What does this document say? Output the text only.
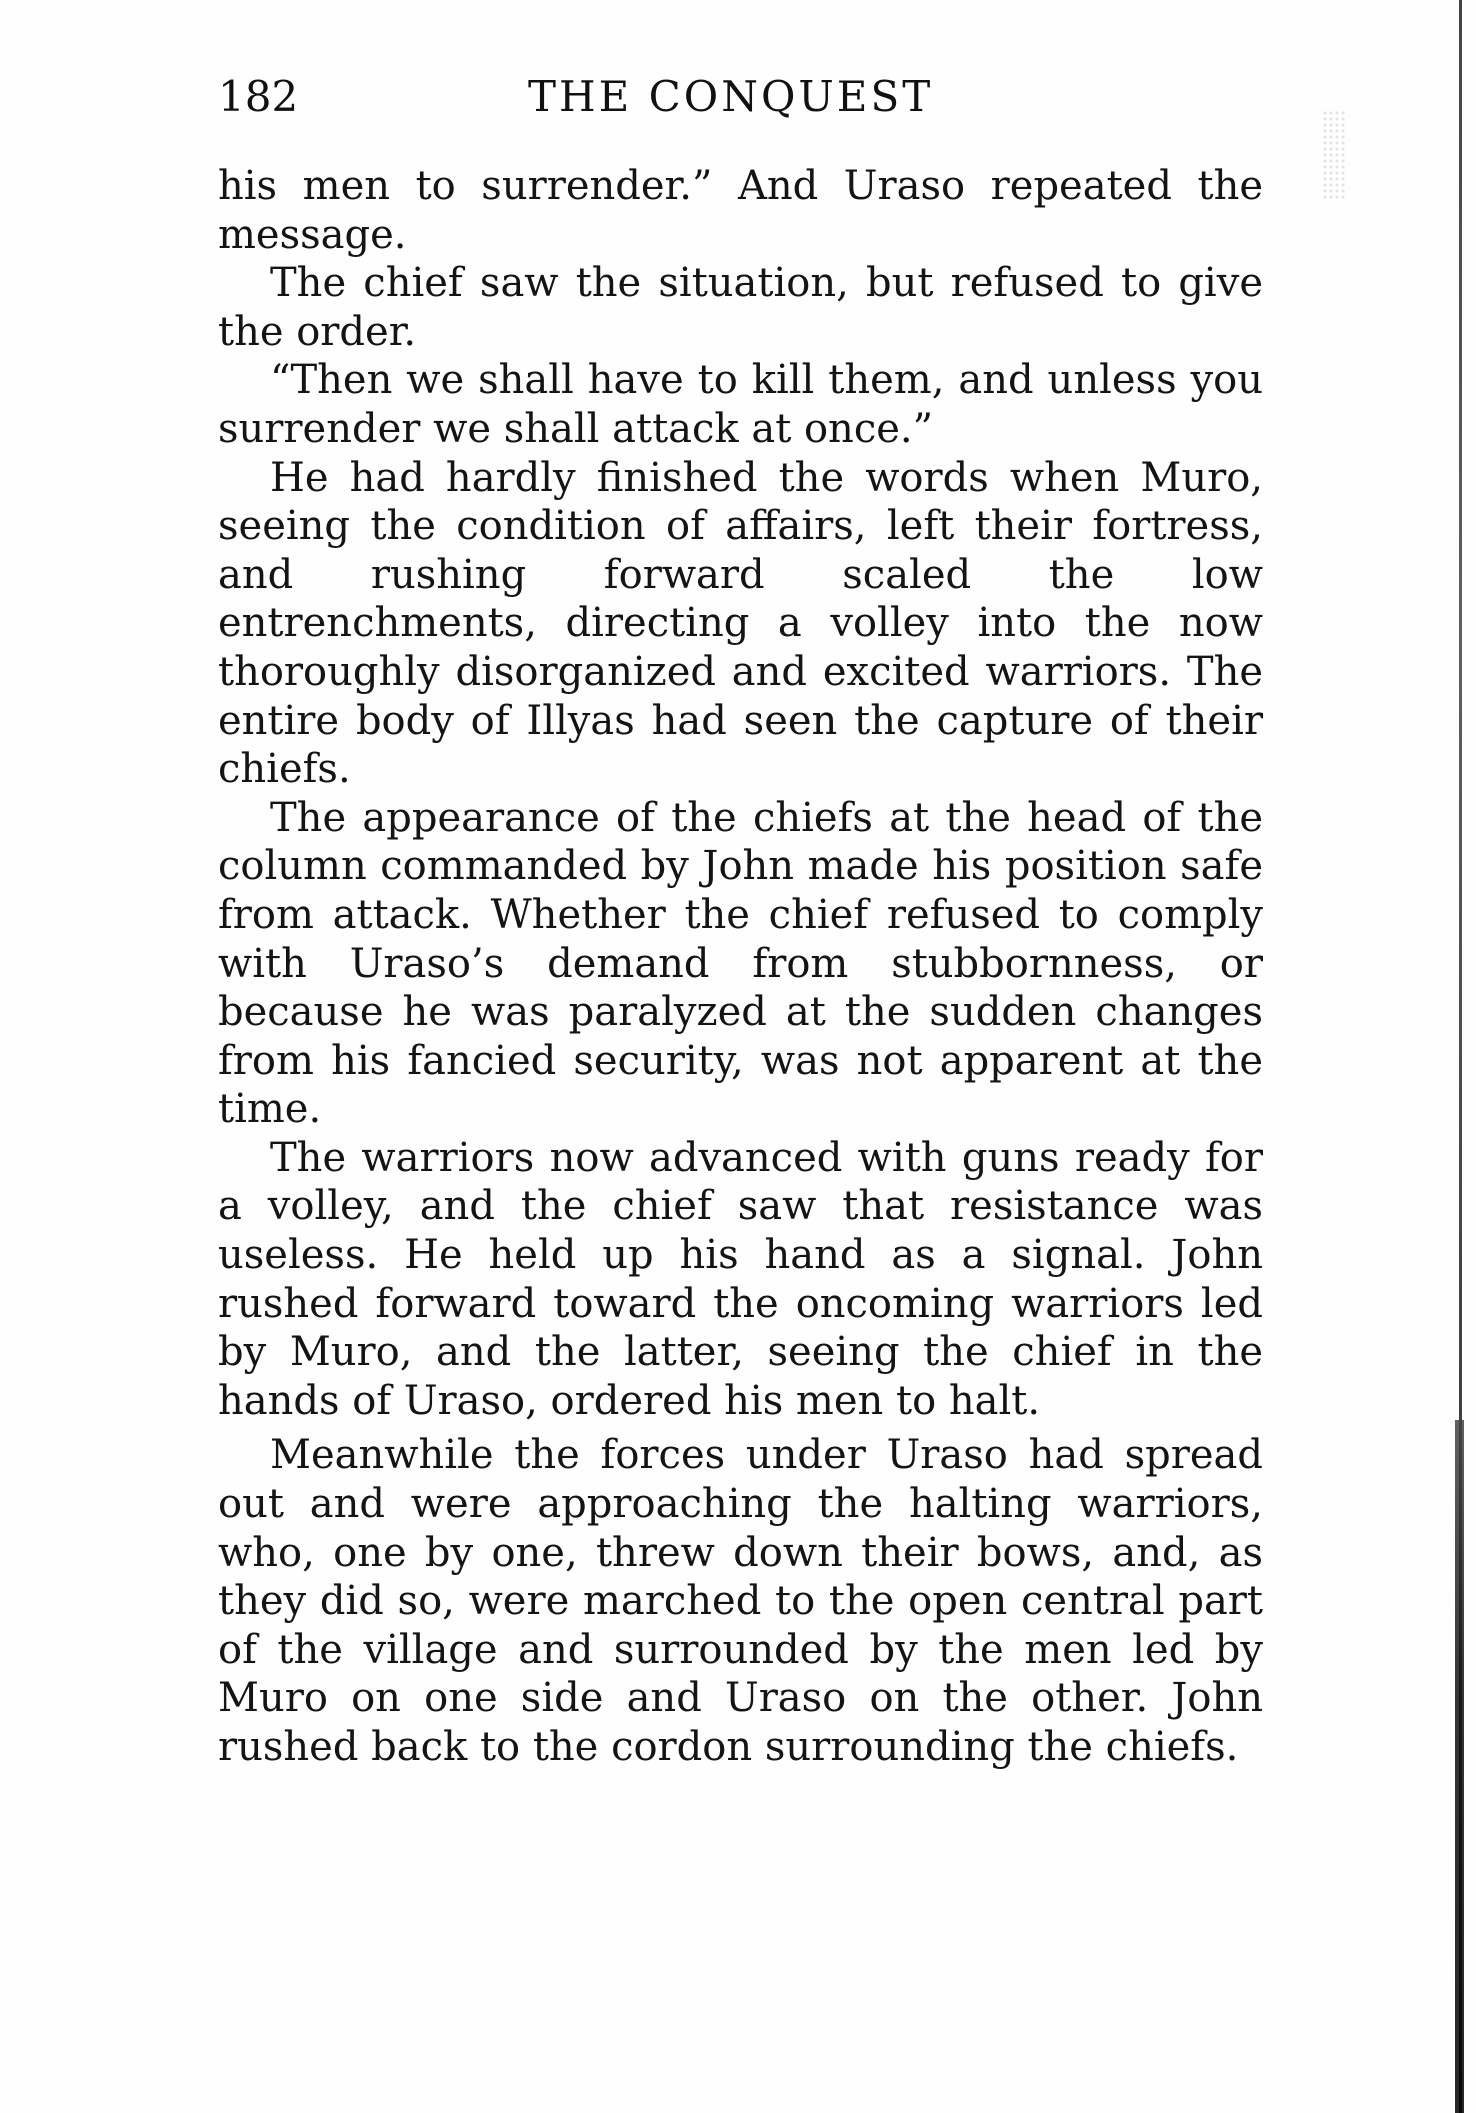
182	THE CONQUEST

his men to surrender.” And Uraso repeated the message.

The chief saw the situation, but refused to give the order.

“Then we shall have to kill them, and unless you surrender we shall attack at once.”

He had hardly finished the words when Muro, seeing the condition of affairs, left their fortress, and rushing forward scaled the low entrenchments, directing a volley into the now thoroughly disorganized and excited warriors. The entire body of Illyas had seen the capture of their chiefs.

The appearance of the chiefs at the head of the column commanded by John made his position safe from attack. Whether the chief refused to comply with Uraso’s demand from stubbornness, or because he was paralyzed at the sudden changes from his fancied security, was not apparent at the time.

The warriors now advanced with guns ready for a volley, and the chief saw that resistance was useless. He held up his hand as a signal. John rushed forward toward the oncoming warriors led by Muro, and the latter, seeing the chief in the hands of Uraso, ordered his men to halt.

Meanwhile the forces under Uraso had spread out and were approaching the halting warriors, who, one by one, threw down their bows, and, as they did so, were marched to the open central part of the village and surrounded by the men led by Muro on one side and Uraso on the other. John rushed back to the cordon surrounding the chiefs.
